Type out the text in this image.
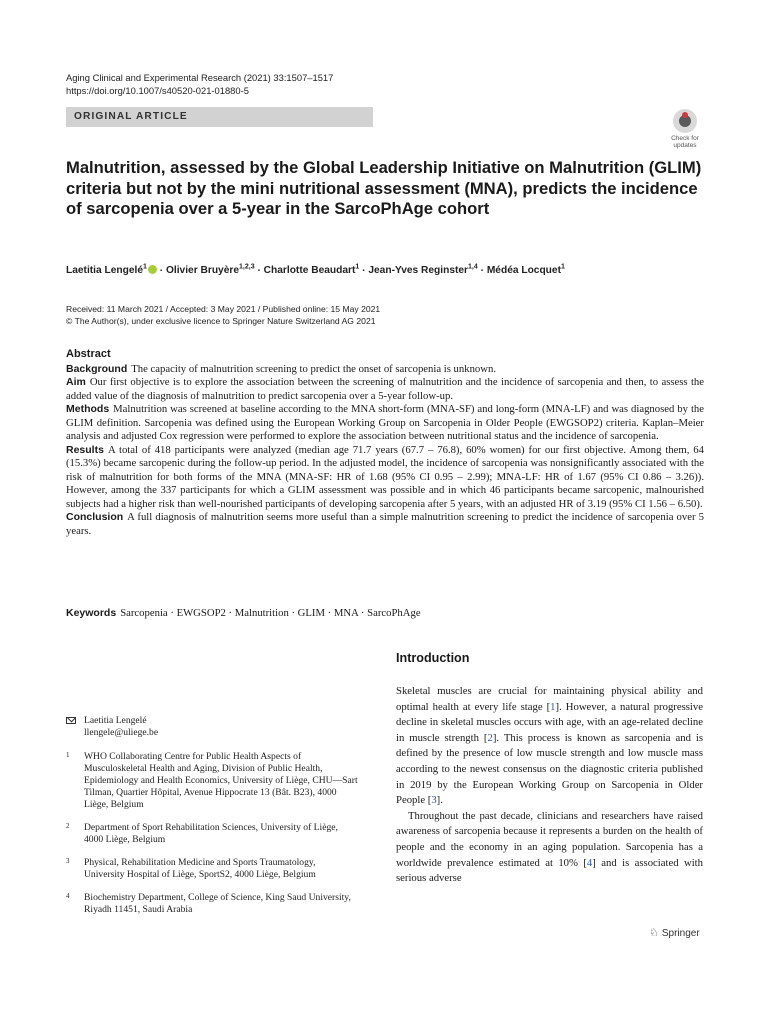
Aging Clinical and Experimental Research (2021) 33:1507–1517
https://doi.org/10.1007/s40520-021-01880-5
ORIGINAL ARTICLE
Check for updates
Malnutrition, assessed by the Global Leadership Initiative on Malnutrition (GLIM) criteria but not by the mini nutritional assessment (MNA), predicts the incidence of sarcopenia over a 5-year in the SarcoPhAge cohort
Laetitia Lengelé$^1$ · Olivier Bruyère$^{1,2,3}$ · Charlotte Beaudart$^1$ · Jean-Yves Reginster$^{1,4}$ · Médéa Locquet$^1$
Received: 11 March 2021 / Accepted: 3 May 2021 / Published online: 15 May 2021
© The Author(s), under exclusive licence to Springer Nature Switzerland AG 2021
Abstract

Background The capacity of malnutrition screening to predict the onset of sarcopenia is unknown.

Aim Our first objective is to explore the association between the screening of malnutrition and the incidence of sarcopenia and then, to assess the added value of the diagnosis of malnutrition to predict sarcopenia over a 5-year follow-up.

Methods Malnutrition was screened at baseline according to the MNA short-form (MNA-SF) and long-form (MNA-LF) and was diagnosed by the GLIM definition. Sarcopenia was defined using the European Working Group on Sarcopenia in Older People (EWGSOP2) criteria. Kaplan–Meier analysis and adjusted Cox regression were performed to explore the association between nutritional status and the incidence of sarcopenia.

Results A total of 418 participants were analyzed (median age 71.7 years (67.7 – 76.8), 60% women) for our first objective. Among them, 64 (15.3%) became sarcopenic during the follow-up period. In the adjusted model, the incidence of sarcopenia was nonsignificantly associated with the risk of malnutrition for both forms of the MNA (MNA-SF: HR of 1.68 (95% CI 0.95 – 2.99); MNA-LF: HR of 1.67 (95% CI 0.86 – 3.26)). However, among the 337 participants for which a GLIM assessment was possible and in which 46 participants became sarcopenic, malnourished subjects had a higher risk than well-nourished participants of developing sarcopenia after 5 years, with an adjusted HR of 3.19 (95% CI 1.56 – 6.50).

Conclusion A full diagnosis of malnutrition seems more useful than a simple malnutrition screening to predict the incidence of sarcopenia over 5 years.

Keywords Sarcopenia · EWGSOP2 · Malnutrition · GLIM · MNA · SarcoPhAge
Laetitia Lengelé
llengele@uliege.be
1 WHO Collaborating Centre for Public Health Aspects of Musculoskeletal Health and Aging, Division of Public Health, Epidemiology and Health Economics, University of Liège, CHU—Sart Tilman, Quartier Hôpital, Avenue Hippocrate 13 (Bât. B23), 4000 Liège, Belgium
2 Department of Sport Rehabilitation Sciences, University of Liège, 4000 Liège, Belgium
3 Physical, Rehabilitation Medicine and Sports Traumatology, University Hospital of Liège, SportS2, 4000 Liège, Belgium
4 Biochemistry Department, College of Science, King Saud University, Riyadh 11451, Saudi Arabia
Introduction

Skeletal muscles are crucial for maintaining physical ability and optimal health at every life stage [1]. However, a natural progressive decline in skeletal muscles occurs with age, with an age-related decline in muscle strength [2]. This process is known as sarcopenia and is defined by the presence of low muscle strength and low muscle mass according to the newest consensus on the diagnostic criteria published in 2019 by the European Working Group on Sarcopenia in Older People [3].

Throughout the past decade, clinicians and researchers have raised awareness of sarcopenia because it represents a burden on the health of people and the economy in an aging population. Sarcopenia has a worldwide prevalence estimated at 10% [4] and is associated with serious adverse

♘ Springer
